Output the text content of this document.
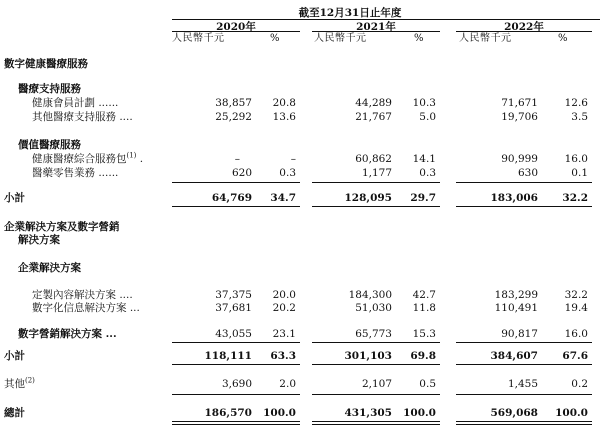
截至12月31日止年度
2020年	2021年	2022年
人民幣千元	%	人民幣千元	%	人民幣千元	%
數字健康醫療服務
醫療支持服務
健康會員計劃 ......	38,857	20.8	44,289	10.3	71,671	12.6
其他醫療支持服務 ....	25,292	13.6	21,767	5.0	19,706	3.5
價值醫療服務
健康醫療綜合服務包$^{(1)}$ .	–	–	60,862	14.1	90,999	16.0
醫藥零售業務 ......	620	0.3	1,177	0.3	630	0.1
小計	64,769	34.7	128,095	29.7	183,006	32.2
企業解決方案及數字營銷
解決方案
企業解決方案
定製內容解決方案 ....	37,375	20.0	184,300	42.7	183,299	32.2
數字化信息解決方案 ...	37,681	20.2	51,030	11.8	110,491	19.4
數字營銷解決方案 ...	43,055	23.1	65,773	15.3	90,817	16.0
小計	118,111	63.3	301,103	69.8	384,607	67.6
其他$^{(2)}$	3,690	2.0	2,107	0.5	1,455	0.2
總計	186,570	100.0	431,305	100.0	569,068	100.0
